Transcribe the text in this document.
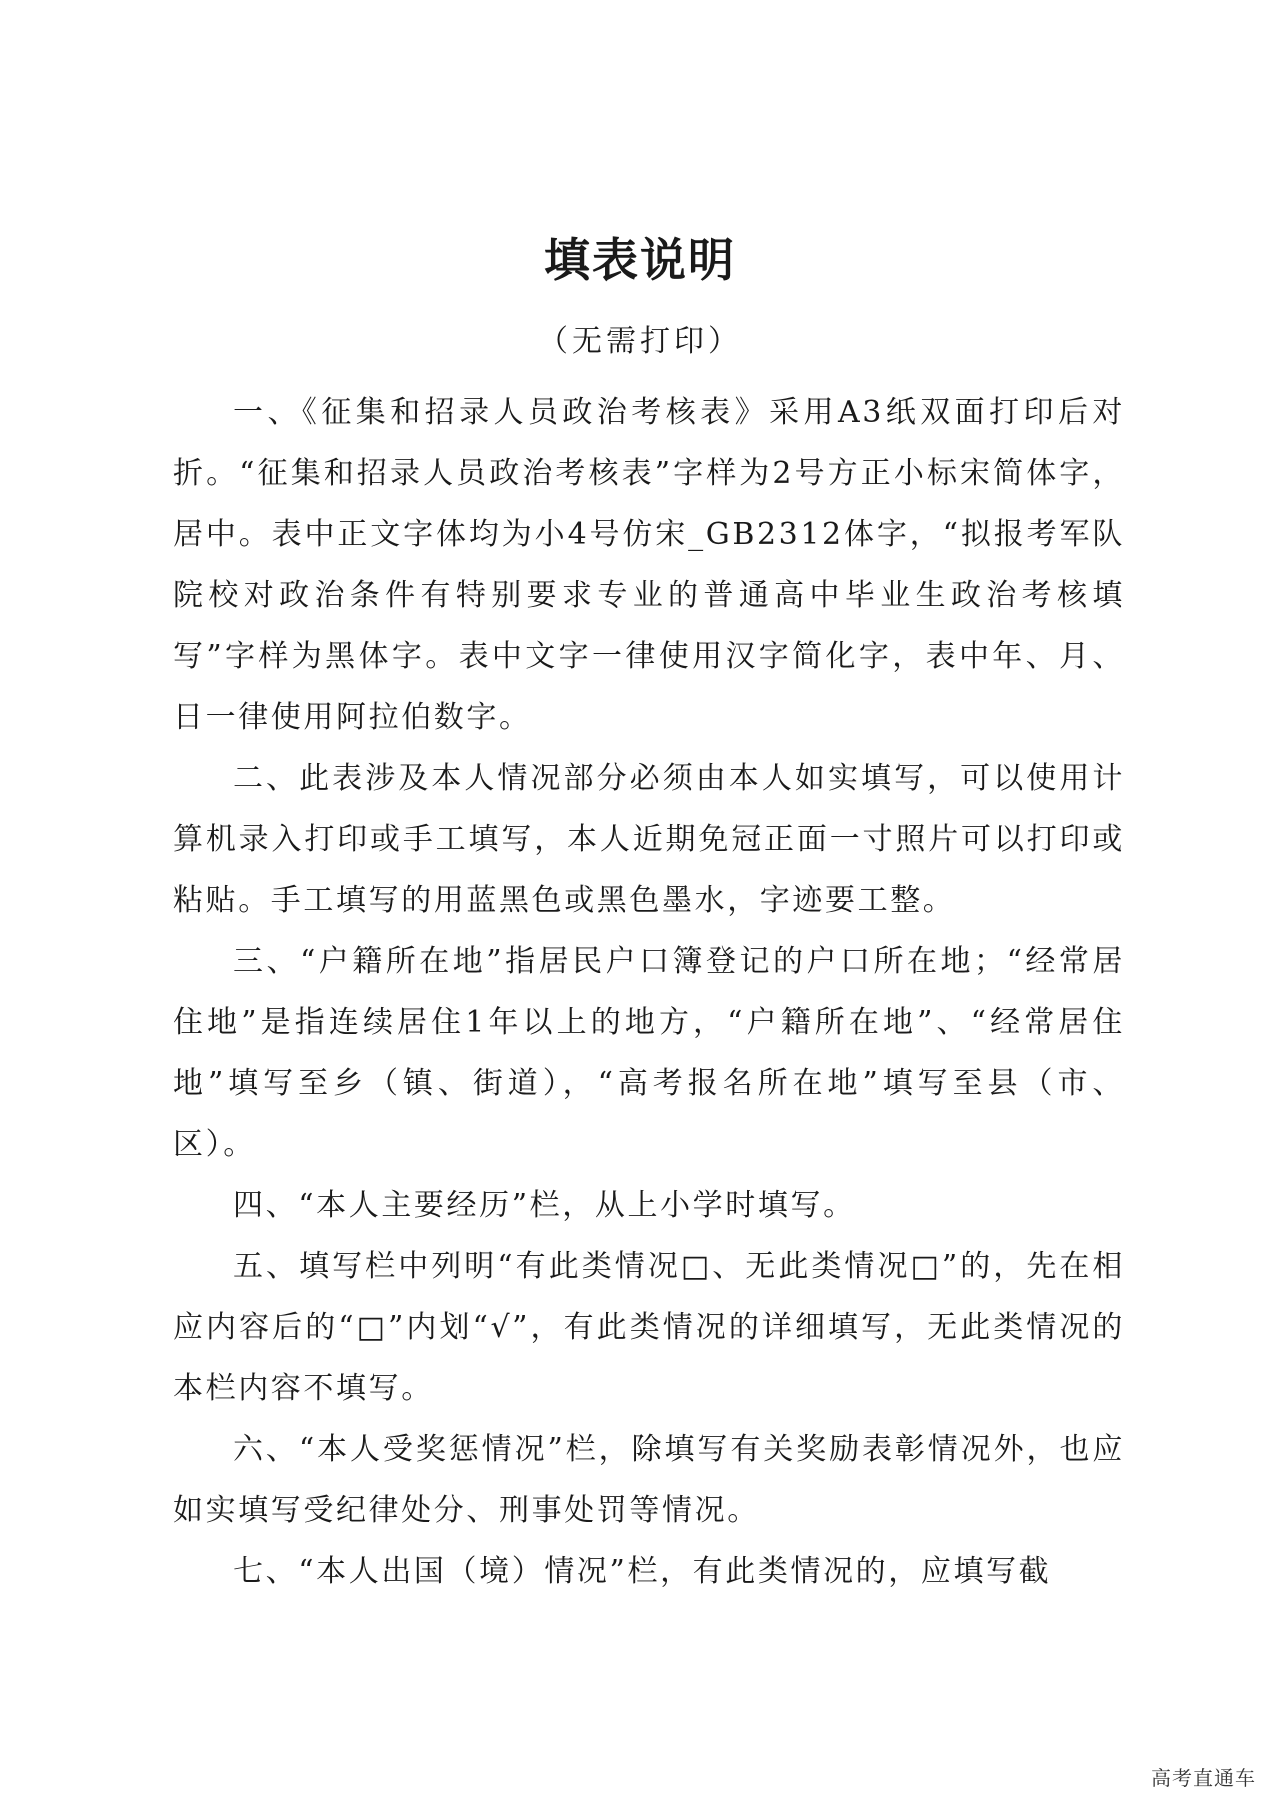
填表说明
（无需打印）

一、《征集和招录人员政治考核表》采用A3纸双面打印后对折。“征集和招录人员政治考核表”字样为2号方正小标宋简体字，居中。表中正文字体均为小4号仿宋_GB2312体字，“拟报考军队院校对政治条件有特别要求专业的普通高中毕业生政治考核填写”字样为黑体字。表中文字一律使用汉字简化字，表中年、月、日一律使用阿拉伯数字。

二、此表涉及本人情况部分必须由本人如实填写，可以使用计算机录入打印或手工填写，本人近期免冠正面一寸照片可以打印或粘贴。手工填写的用蓝黑色或黑色墨水，字迹要工整。

三、“户籍所在地”指居民户口簿登记的户口所在地；“经常居住地”是指连续居住1年以上的地方，“户籍所在地”、“经常居住地”填写至乡（镇、街道），“高考报名所在地”填写至县（市、区）。

四、“本人主要经历”栏，从上小学时填写。

五、填写栏中列明“有此类情况□、无此类情况□”的，先在相应内容后的“□”内划“√”，有此类情况的详细填写，无此类情况的本栏内容不填写。

六、“本人受奖惩情况”栏，除填写有关奖励表彰情况外，也应如实填写受纪律处分、刑事处罚等情况。

七、“本人出国（境）情况”栏，有此类情况的，应填写截

高考直通车
